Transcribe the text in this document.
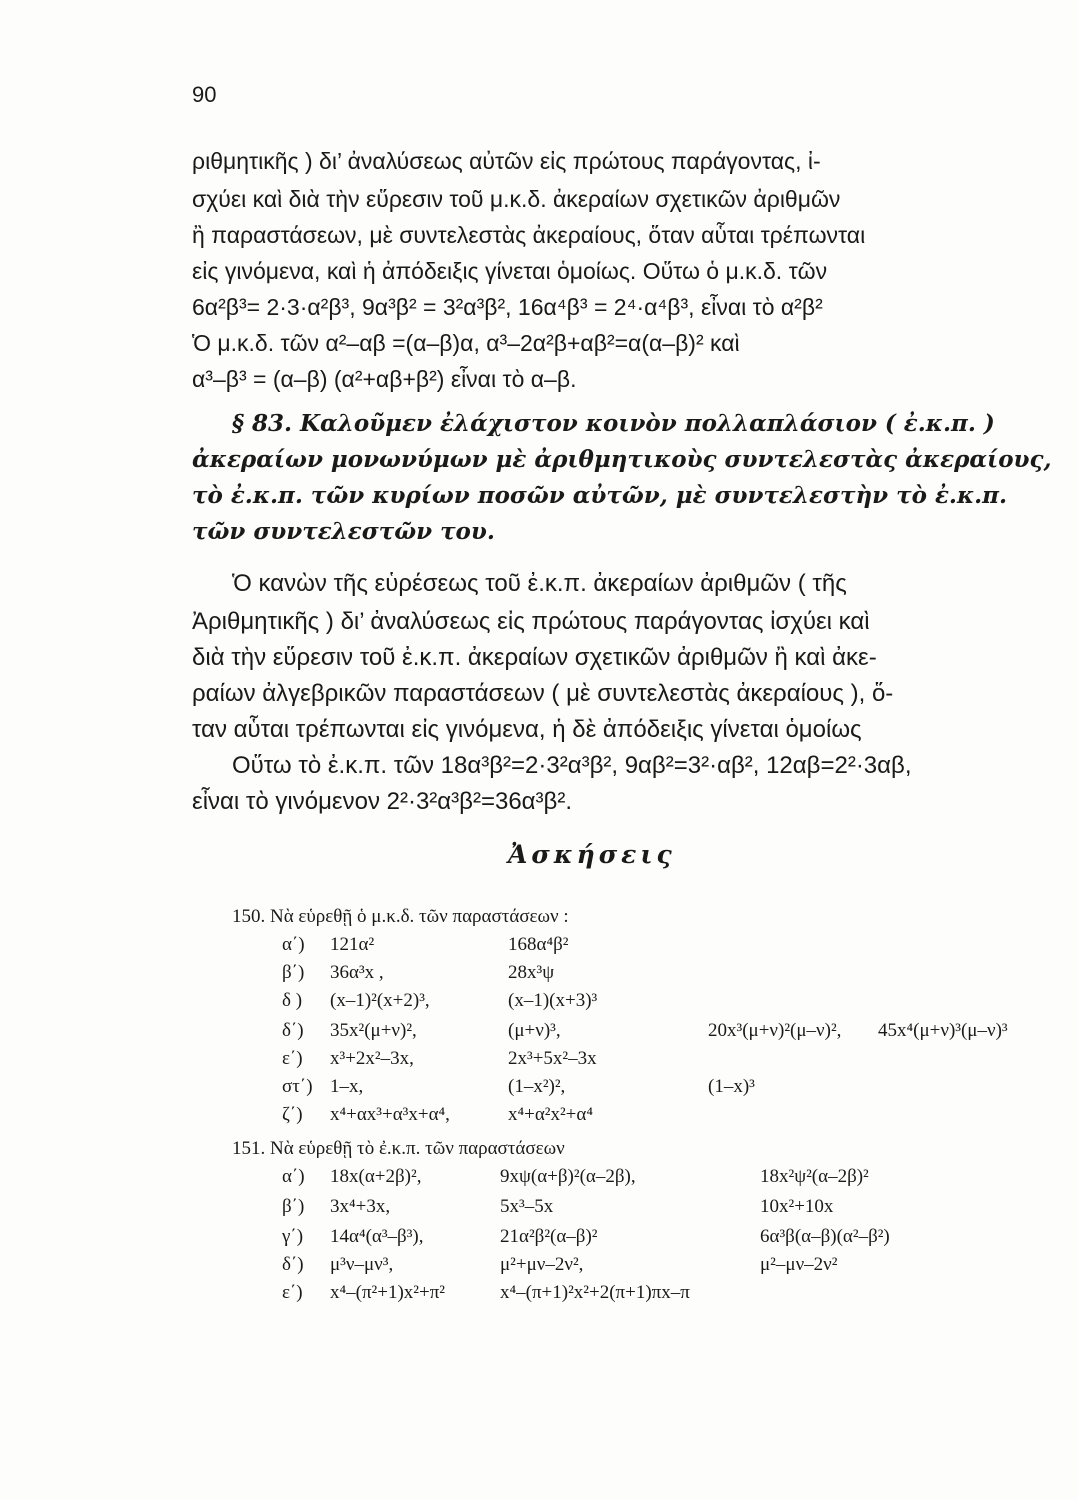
90
ριθμητικῆς ) δι’ ἀναλύσεως αὐτῶν εἰς πρώτους παράγοντας, ἰ-
σχύει καὶ διὰ τὴν εὕρεσιν τοῦ μ.κ.δ. ἀκεραίων σχετικῶν ἀριθμῶν
ἢ παραστάσεων, μὲ συντελεστὰς ἀκεραίους, ὅταν αὗται τρέπωνται
εἰς γινόμενα, καὶ ἡ ἀπόδειξις γίνεται ὁμοίως. Οὕτω ὁ μ.κ.δ. τῶν
6α²β³= 2·3·α²β³, 9α³β² = 3²α³β², 16α⁴β³ = 2⁴·α⁴β³, εἶναι τὸ α²β²
Ὁ μ.κ.δ. τῶν α²–αβ =(α–β)α, α³–2α²β+αβ²=α(α–β)² καὶ
α³–β³ = (α–β) (α²+αβ+β²) εἶναι τὸ α–β.
§ 83. Καλοῦμεν ἐλάχιστον κοινὸν πολλαπλάσιον ( ἐ.κ.π. )
ἀκεραίων μονωνύμων μὲ ἀριθμητικοὺς συντελεστὰς ἀκεραίους,
τὸ ἐ.κ.π. τῶν κυρίων ποσῶν αὐτῶν, μὲ συντελεστὴν τὸ ἐ.κ.π.
τῶν συντελεστῶν του.
Ὁ κανὼν τῆς εὑρέσεως τοῦ ἐ.κ.π. ἀκεραίων ἀριθμῶν ( τῆς
Ἀριθμητικῆς ) δι’ ἀναλύσεως εἰς πρώτους παράγοντας ἰσχύει καὶ
διὰ τὴν εὕρεσιν τοῦ ἐ.κ.π. ἀκεραίων σχετικῶν ἀριθμῶν ἢ καὶ ἀκε-
ραίων ἀλγεβρικῶν παραστάσεων ( μὲ συντελεστὰς ἀκεραίους ), ὅ-
ταν αὗται τρέπωνται εἰς γινόμενα, ἡ δὲ ἀπόδειξις γίνεται ὁμοίως
Οὕτω τὸ ἐ.κ.π. τῶν 18α³β²=2·3²α³β², 9αβ²=3²·αβ², 12αβ=2²·3αβ,
εἶναι τὸ γινόμενον 2²·3²α³β²=36α³β².
Ἀσκήσεις
150. Νὰ εὑρεθῇ ὁ μ.κ.δ. τῶν παραστάσεων :
α΄) 121α²	168α⁴β²
β΄) 36α³x ,	28x³ψ
δ ) (x–1)²(x+2)³,	(x–1)(x+3)³
δ΄) 35x²(μ+ν)²,	(μ+ν)³,	20x³(μ+ν)²(μ–ν)², 45x⁴(μ+ν)³(μ–ν)³
ε΄) x³+2x²–3x,	2x³+5x²–3x
στ΄) 1–x,	(1–x²)²,	(1–x)³
ζ΄) x⁴+αx³+α³x+α⁴,	x⁴+α²x²+α⁴
151. Νὰ εὑρεθῇ τὸ ἐ.κ.π. τῶν παραστάσεων
α΄) 18x(α+2β)²,	9xψ(α+β)²(α–2β),	18x²ψ²(α–2β)²
β΄) 3x⁴+3x,	5x³–5x	10x²+10x
γ΄) 14α⁴(α³–β³),	21α²β²(α–β)²	6α³β(α–β)(α²–β²)
δ΄) μ³ν–μν³,	μ²+μν–2ν²,	μ²–μν–2ν²
ε΄) x⁴–(π²+1)x²+π²	x⁴–(π+1)²x²+2(π+1)πx–π
